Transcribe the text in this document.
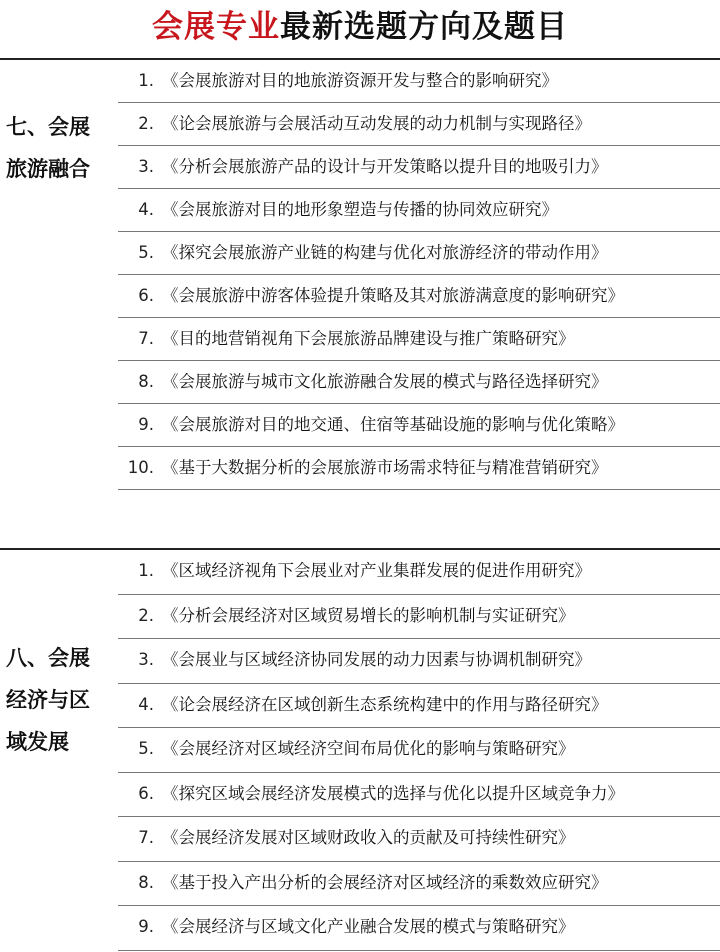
会展专业最新选题方向及题目
七、会展
旅游融合
1. 《会展旅游对目的地旅游资源开发与整合的影响研究》
2. 《论会展旅游与会展活动互动发展的动力机制与实现路径》
3. 《分析会展旅游产品的设计与开发策略以提升目的地吸引力》
4. 《会展旅游对目的地形象塑造与传播的协同效应研究》
5. 《探究会展旅游产业链的构建与优化对旅游经济的带动作用》
6. 《会展旅游中游客体验提升策略及其对旅游满意度的影响研究》
7. 《目的地营销视角下会展旅游品牌建设与推广策略研究》
8. 《会展旅游与城市文化旅游融合发展的模式与路径选择研究》
9. 《会展旅游对目的地交通、住宿等基础设施的影响与优化策略》
10. 《基于大数据分析的会展旅游市场需求特征与精准营销研究》
八、会展
经济与区
域发展
1. 《区域经济视角下会展业对产业集群发展的促进作用研究》
2. 《分析会展经济对区域贸易增长的影响机制与实证研究》
3. 《会展业与区域经济协同发展的动力因素与协调机制研究》
4. 《论会展经济在区域创新生态系统构建中的作用与路径研究》
5. 《会展经济对区域经济空间布局优化的影响与策略研究》
6. 《探究区域会展经济发展模式的选择与优化以提升区域竞争力》
7. 《会展经济发展对区域财政收入的贡献及可持续性研究》
8. 《基于投入产出分析的会展经济对区域经济的乘数效应研究》
9. 《会展经济与区域文化产业融合发展的模式与策略研究》
